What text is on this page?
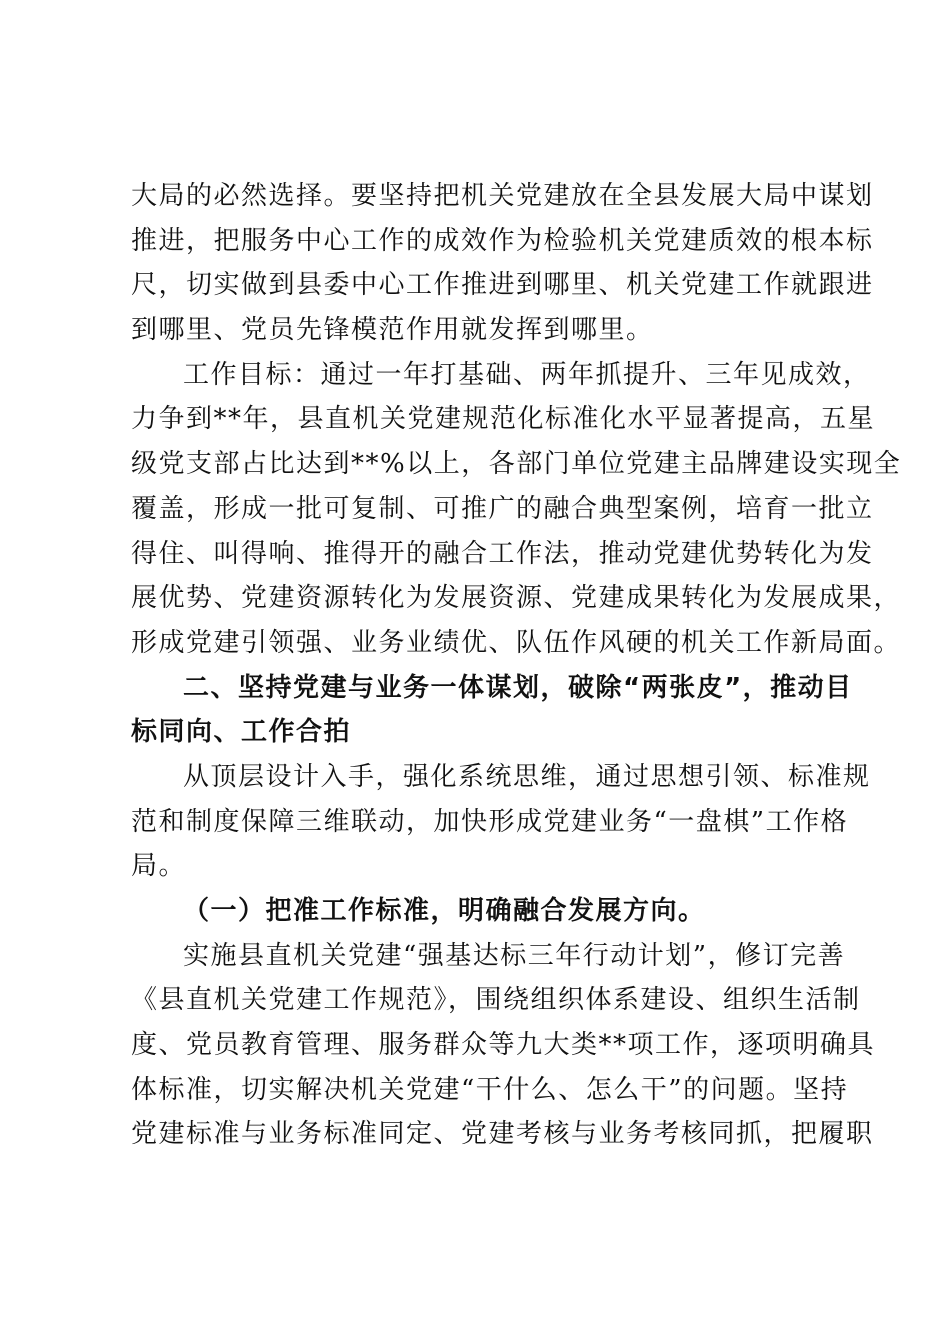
大局的必然选择。要坚持把机关党建放在全县发展大局中谋划
推进，把服务中心工作的成效作为检验机关党建质效的根本标
尺，切实做到县委中心工作推进到哪里、机关党建工作就跟进
到哪里、党员先锋模范作用就发挥到哪里。
工作目标：通过一年打基础、两年抓提升、三年见成效，
力争到**年，县直机关党建规范化标准化水平显著提高，五星
级党支部占比达到**%以上，各部门单位党建主品牌建设实现全
覆盖，形成一批可复制、可推广的融合典型案例，培育一批立
得住、叫得响、推得开的融合工作法，推动党建优势转化为发
展优势、党建资源转化为发展资源、党建成果转化为发展成果，
形成党建引领强、业务业绩优、队伍作风硬的机关工作新局面。
二、坚持党建与业务一体谋划，破除“两张皮”，推动目
标同向、工作合拍
从顶层设计入手，强化系统思维，通过思想引领、标准规
范和制度保障三维联动，加快形成党建业务“一盘棋”工作格
局。
（一）把准工作标准，明确融合发展方向。
实施县直机关党建“强基达标三年行动计划”，修订完善
《县直机关党建工作规范》，围绕组织体系建设、组织生活制
度、党员教育管理、服务群众等九大类**项工作，逐项明确具
体标准，切实解决机关党建“干什么、怎么干”的问题。坚持
党建标准与业务标准同定、党建考核与业务考核同抓，把履职
